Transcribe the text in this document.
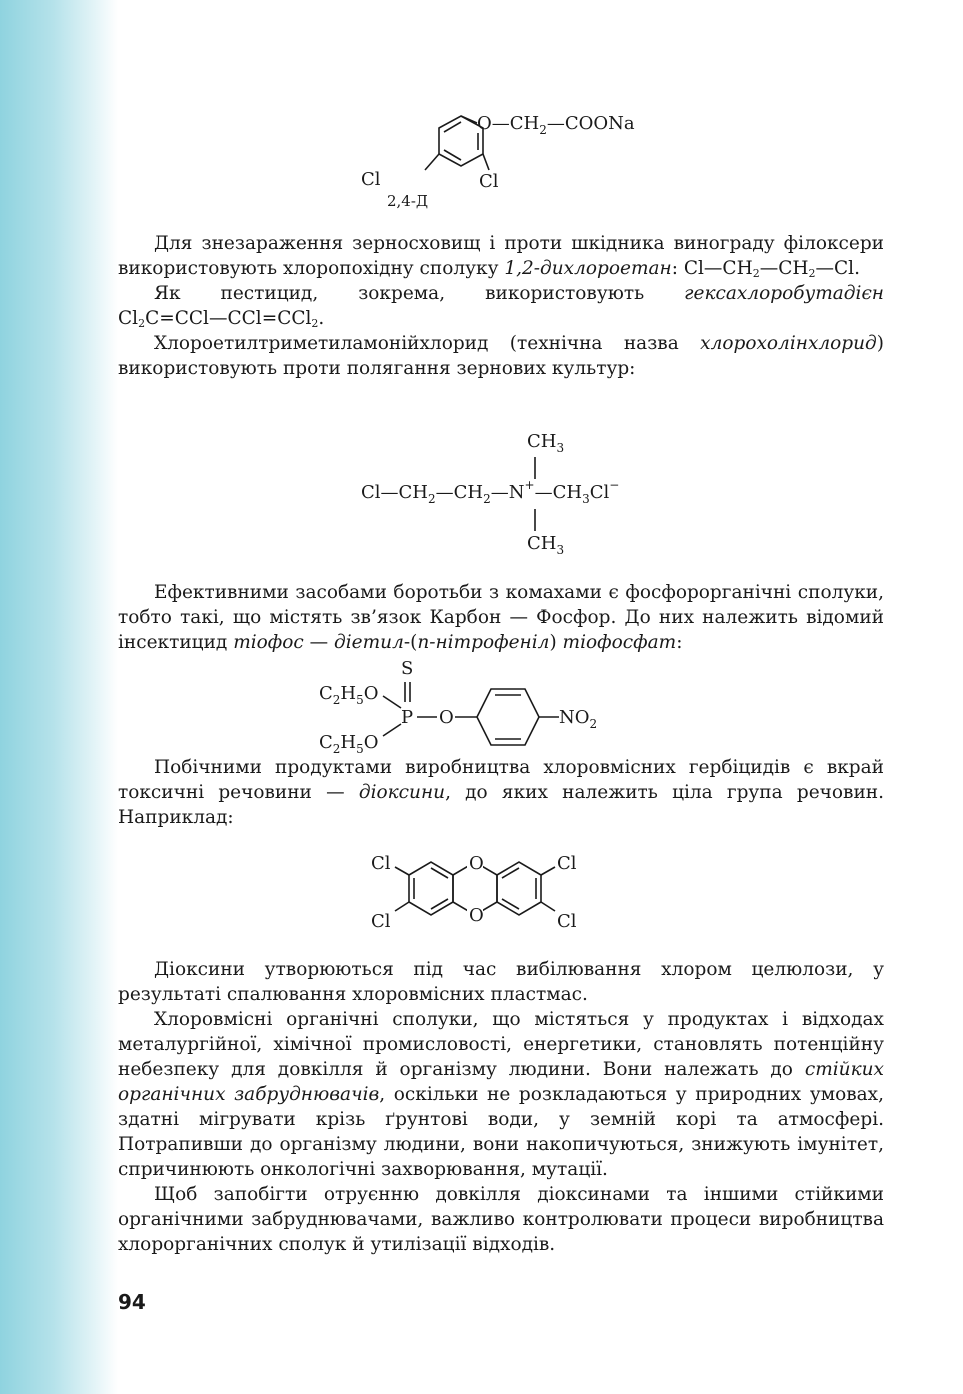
$O—CH_2—COONa$
Cl	Cl
2,4-Д

Для знезараження зерносховищ і проти шкідника винограду філоксери використовують хлоропохідну сполуку 1,2-дихлороетан: $Cl—CH_2—CH_2—Cl$.

Як пестицид, зокрема, використовують гексахлоробутадієн $Cl_2C=CCl—CCl=CCl_2$.

Хлороетилтриметиламонійхлорид (технічна назва хлорохолінхлорид) використовують проти полягання зернових культур:

$CH_3$
$Cl—CH_2—CH_2—N^+—CH_3Cl^-$
$CH_3$

Ефективними засобами боротьби з комахами є фосфорорганічні сполуки, тобто такі, що містять зв’язок Карбон — Фосфор. До них належить відомий інсектицид тіофос — діетил-(п-нітрофеніл) тіофосфат:

S
$C_2H_5O$
P O	$NO_2$
$C_2H_5O$

Побічними продуктами виробництва хлоровмісних гербіцидів є вкрай токсичні речовини — діоксини, до яких належить ціла група речовин. Наприклад:

O
O
Cl
Cl
Cl
Cl

Діоксини утворюються під час вибілювання хлором целюлози, у результаті спалювання хлоровмісних пластмас.

Хлоровмісні органічні сполуки, що містяться у продуктах і відходах металургійної, хімічної промисловості, енергетики, становлять потенційну небезпеку для довкілля й організму людини. Вони належать до стійких органічних забруднювачів, оскільки не розкладаються у природних умовах, здатні мігрувати крізь ґрунтові води, у земній корі та атмосфері. Потрапивши до організму людини, вони накопичуються, знижують імунітет, спричинюють онкологічні захворювання, мутації.

Щоб запобігти отруєнню довкілля діоксинами та іншими стійкими органічними забруднювачами, важливо контролювати процеси виробництва хлорорганічних сполук й утилізації відходів.

94
